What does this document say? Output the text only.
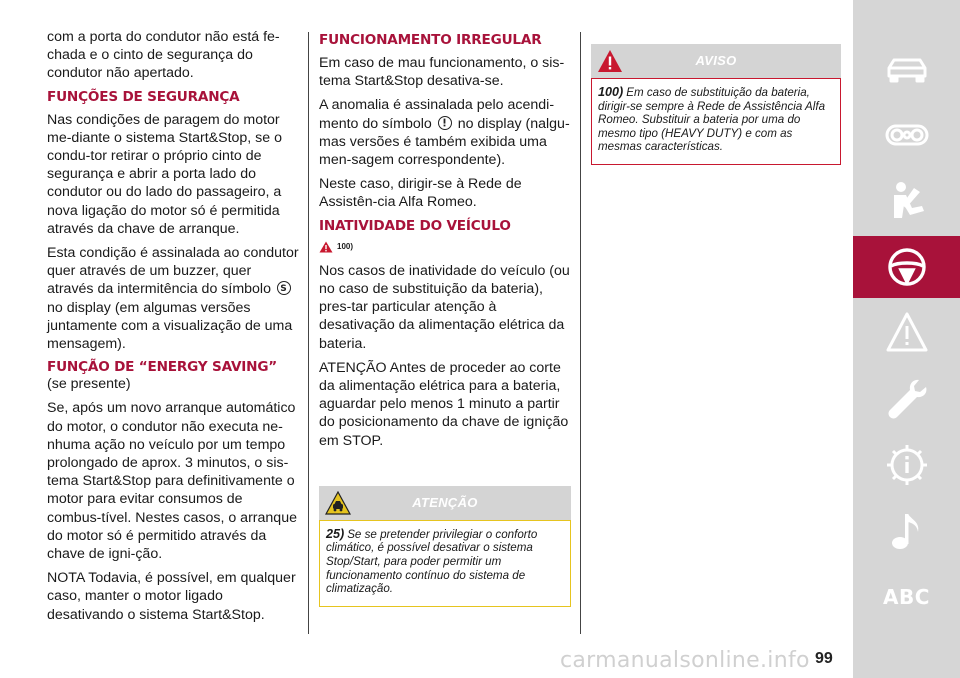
com a porta do condutor não está fe-chada e o cinto de segurança do condutor não apertado.

FUNÇÕES DE SEGURANÇA

Nas condições de paragem do motor me-diante o sistema Start&Stop, se o condu-tor retirar o próprio cinto de segurança e abrir a porta lado do condutor ou do lado do passageiro, a nova ligação do motor só é permitida através da chave de arranque.

Esta condição é assinalada ao condutor quer através de um buzzer, quer através da intermitência do símbolo S
no display (em algumas versões juntamente com a visualização de uma mensagem).

FUNÇÃO DE “ENERGY SAVING”

(se presente)

Se, após um novo arranque automático do motor, o condutor não executa ne-nhuma ação no veículo por um tempo prolongado de aprox. 3 minutos, o sis-tema Start&Stop para definitivamente o motor para evitar consumos de combus-tível. Nestes casos, o arranque do motor só é permitido através da chave de igni-ção.

NOTA Todavia, é possível, em qualquer caso, manter o motor ligado desativando o sistema Start&Stop.

FUNCIONAMENTO IRREGULAR

Em caso de mau funcionamento, o sis-tema Start&Stop desativa-se.

A anomalia é assinalada pelo acendi-mento do símbolo no display (nalgu-mas versões é também exibida uma men-sagem correspondente).

Neste caso, dirigir-se à Rede de Assistên-cia Alfa Romeo.

INATIVIDADE DO VEÍCULO
100)

Nos casos de inatividade do veículo (ou no caso de substituição da bateria), pres-tar particular atenção à desativação da alimentação elétrica da bateria.

ATENÇÃO Antes de proceder ao corte da alimentação elétrica para a bateria, aguardar pelo menos 1 minuto a partir do posicionamento da chave de ignição em STOP.

ATENÇÃO
25) Se se pretender privilegiar o conforto climático, é possível desativar o sistema Stop/Start, para poder permitir um funcionamento contínuo do sistema de climatização.
AVISO
100) Em caso de substituição da bateria, dirigir-se sempre à Rede de Assistência Alfa Romeo. Substituir a bateria por uma do mesmo tipo (HEAVY DUTY) e com as mesmas características.
ABC
carmanualsonline.info 99
